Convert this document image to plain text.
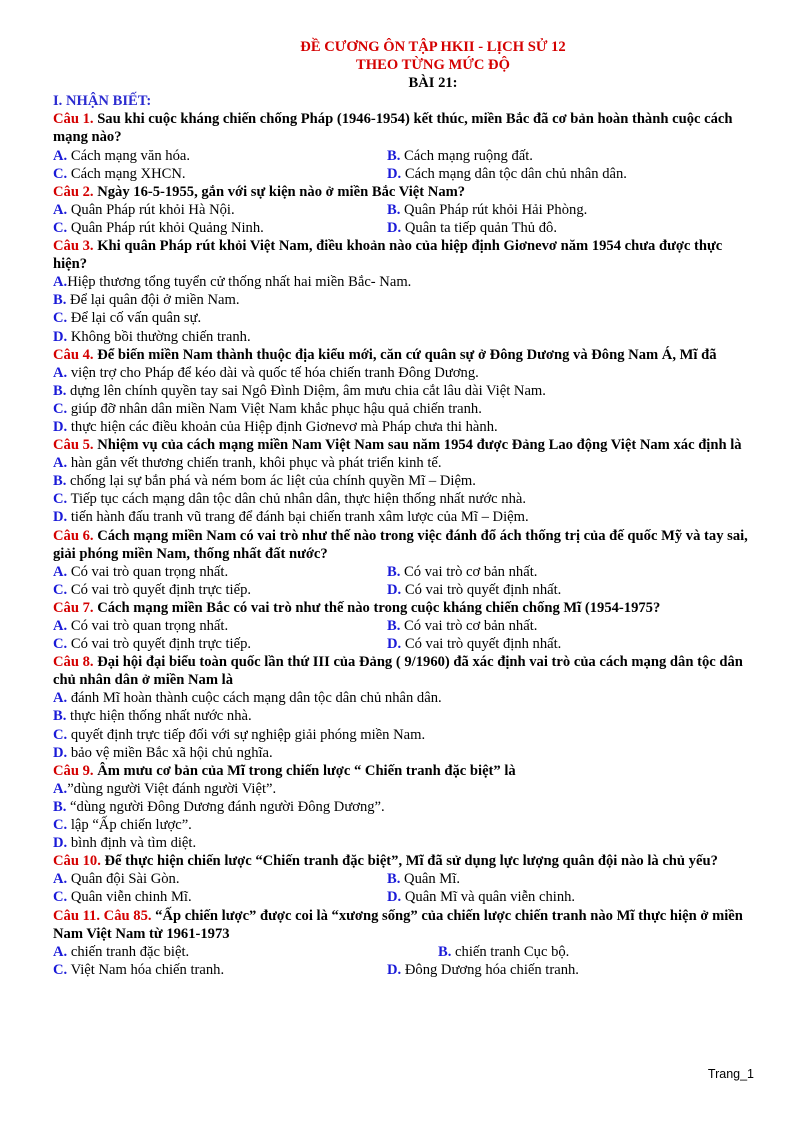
ĐỀ CƯƠNG ÔN TẬP HKII - LỊCH SỬ 12
THEO TỪNG MỨC ĐỘ
BÀI 21:
I. NHẬN BIẾT:
Câu 1. Sau khi cuộc kháng chiến chống Pháp (1946-1954) kết thúc, miền Bắc đã cơ bản hoàn thành cuộc cách mạng nào?
A. Cách mạng văn hóa.	B. Cách mạng ruộng đất.
C. Cách mạng XHCN.	D. Cách mạng dân tộc dân chủ nhân dân.
Câu 2. Ngày 16-5-1955, gắn với sự kiện nào ở miền Bắc Việt Nam?
A. Quân Pháp rút khỏi Hà Nội.	B. Quân Pháp rút khỏi Hải Phòng.
C. Quân Pháp rút khỏi Quảng Ninh.	D. Quân ta tiếp quản Thủ đô.
Câu 3. Khi quân Pháp rút khỏi Việt Nam, điều khoản nào của hiệp định Giơnevơ năm 1954 chưa được thực hiện?
A.Hiệp thương tổng tuyển cử thống nhất hai miền Bắc- Nam.
B. Để lại quân đội ở miền Nam.
C. Để lại cố vấn quân sự.
D. Không bồi thường chiến tranh.
Câu 4. Để biến miền Nam thành thuộc địa kiểu mới, căn cứ quân sự ở Đông Dương và Đông Nam Á, Mĩ đã
A. viện trợ cho Pháp để kéo dài và quốc tế hóa chiến tranh Đông Dương.
B. dựng lên chính quyền tay sai Ngô Đình Diệm, âm mưu chia cắt lâu dài Việt Nam.
C. giúp đỡ nhân dân miền Nam Việt Nam khắc phục hậu quả chiến tranh.
D. thực hiện các điều khoản của Hiệp định Giơnevơ mà Pháp chưa thi hành.
Câu 5. Nhiệm vụ của cách mạng miền Nam Việt Nam sau năm 1954 được Đảng Lao động Việt Nam xác định là
A. hàn gắn vết thương chiến tranh, khôi phục và phát triển kinh tế.
B. chống lại sự bắn phá và ném bom ác liệt của chính quyền Mĩ – Diệm.
C. Tiếp tục cách mạng dân tộc dân chủ nhân dân, thực hiện thống nhất nước nhà.
D. tiến hành đấu tranh vũ trang để đánh bại chiến tranh xâm lược của Mĩ – Diệm.
Câu 6. Cách mạng miền Nam có vai trò như thế nào trong việc đánh đổ ách thống trị của đế quốc Mỹ và tay sai, giải phóng miền Nam, thống nhất đất nước?
A. Có vai trò quan trọng nhất.	B. Có vai trò cơ bản nhất.
C. Có vai trò quyết định trực tiếp.	D. Có vai trò quyết định nhất.
Câu 7. Cách mạng miền Bắc có vai trò như thế nào trong cuộc kháng chiến chống Mĩ (1954-1975?
A. Có vai trò quan trọng nhất.	B. Có vai trò cơ bản nhất.
C. Có vai trò quyết định trực tiếp.	D. Có vai trò quyết định nhất.
Câu 8. Đại hội đại biểu toàn quốc lần thứ III của Đảng ( 9/1960) đã xác định vai trò của cách mạng dân tộc dân chủ nhân dân ở miền Nam là
A. đánh Mĩ hoàn thành cuộc cách mạng dân tộc dân chủ nhân dân.
B. thực hiện thống nhất nước nhà.
C. quyết định trực tiếp đối với sự nghiệp giải phóng miền Nam.
D. bảo vệ miền Bắc xã hội chủ nghĩa.
Câu 9. Âm mưu cơ bản của Mĩ trong chiến lược “ Chiến tranh đặc biệt” là
A.”dùng người Việt đánh người Việt”.
B. “dùng người Đông Dương đánh người Đông Dương”.
C. lập “Ấp chiến lược”.
D. bình định và tìm diệt.
Câu 10. Để thực hiện chiến lược “Chiến tranh đặc biệt”, Mĩ đã sử dụng lực lượng quân đội nào là chủ yếu?
A. Quân đội Sài Gòn.	B. Quân Mĩ.
C. Quân viễn chinh Mĩ.	D. Quân Mĩ và quân viễn chinh.
Câu 11. Câu 85. “Ấp chiến lược” được coi là “xương sống” của chiến lược chiến tranh nào Mĩ thực hiện ở miền Nam Việt Nam từ 1961-1973
A. chiến tranh đặc biệt.	B. chiến tranh Cục bộ.
C. Việt Nam hóa chiến tranh.	D. Đông Dương hóa chiến tranh.
Trang_1
